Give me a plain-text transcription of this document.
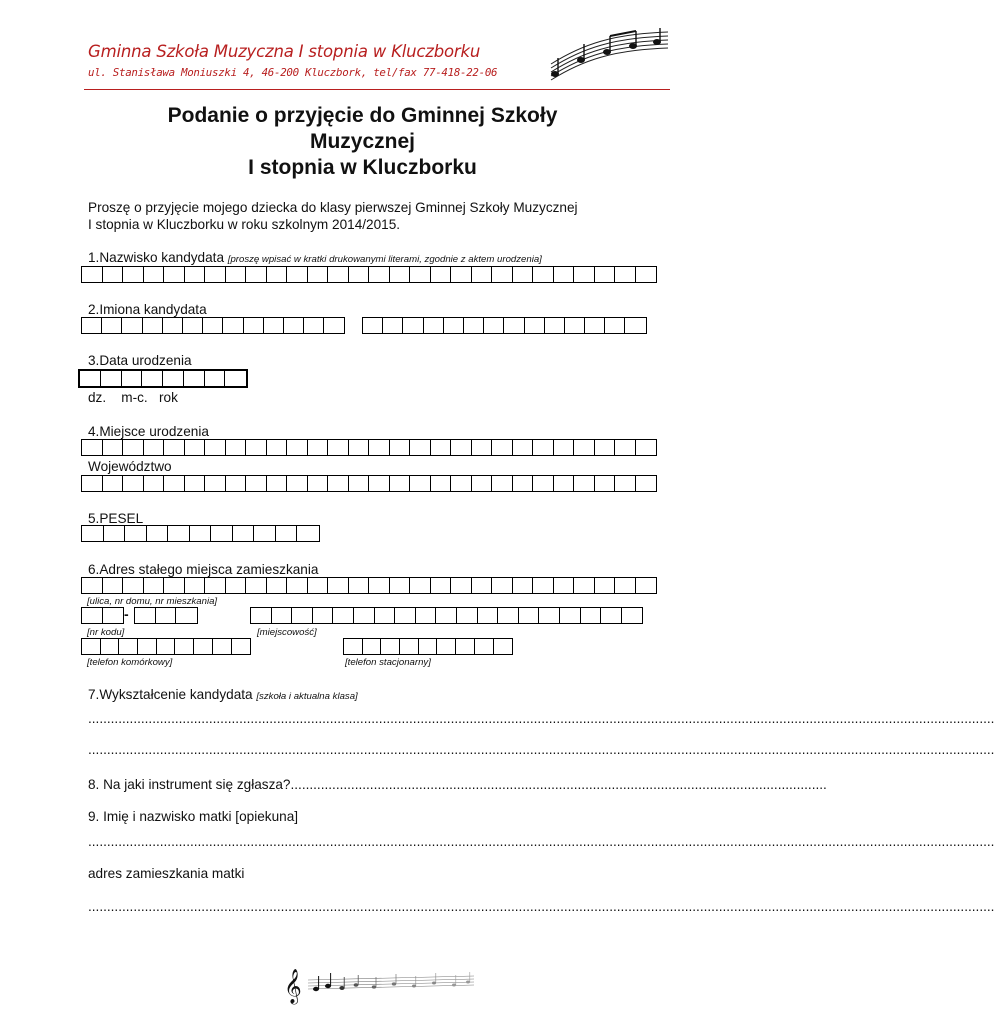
Gminna Szkoła Muzyczna I stopnia w Kluczborku
ul. Stanisława Moniuszki 4, 46-200 Kluczbork, tel/fax 77-418-22-06
Podanie o przyjęcie do Gminnej Szkoły
Muzycznej
I stopnia w Kluczborku
Proszę o przyjęcie mojego dziecka do klasy pierwszej Gminnej Szkoły Muzycznej
I stopnia w Kluczborku w roku szkolnym 2014/2015.
1.Nazwisko kandydata [proszę wpisać w kratki drukowanymi literami, zgodnie z aktem urodzenia]
2.Imiona kandydata
3.Data urodzenia
dz.    m-c.   rok
4.Miejsce urodzenia
Województwo
5.PESEL
6.Adres stałego miejsca zamieszkania
[ulica, nr domu, nr mieszkania]
-
[nr kodu]	[miejscowość]
[telefon komórkowy]	[telefon stacjonarny]
7.Wykształcenie kandydata [szkoła i aktualna klasa]
.....
.....
8. Na jaki instrument się zgłasza?..............................................................................................................................................
9. Imię i nazwisko matki [opiekuna]
.....
adres zamieszkania matki
.....
𝄞
